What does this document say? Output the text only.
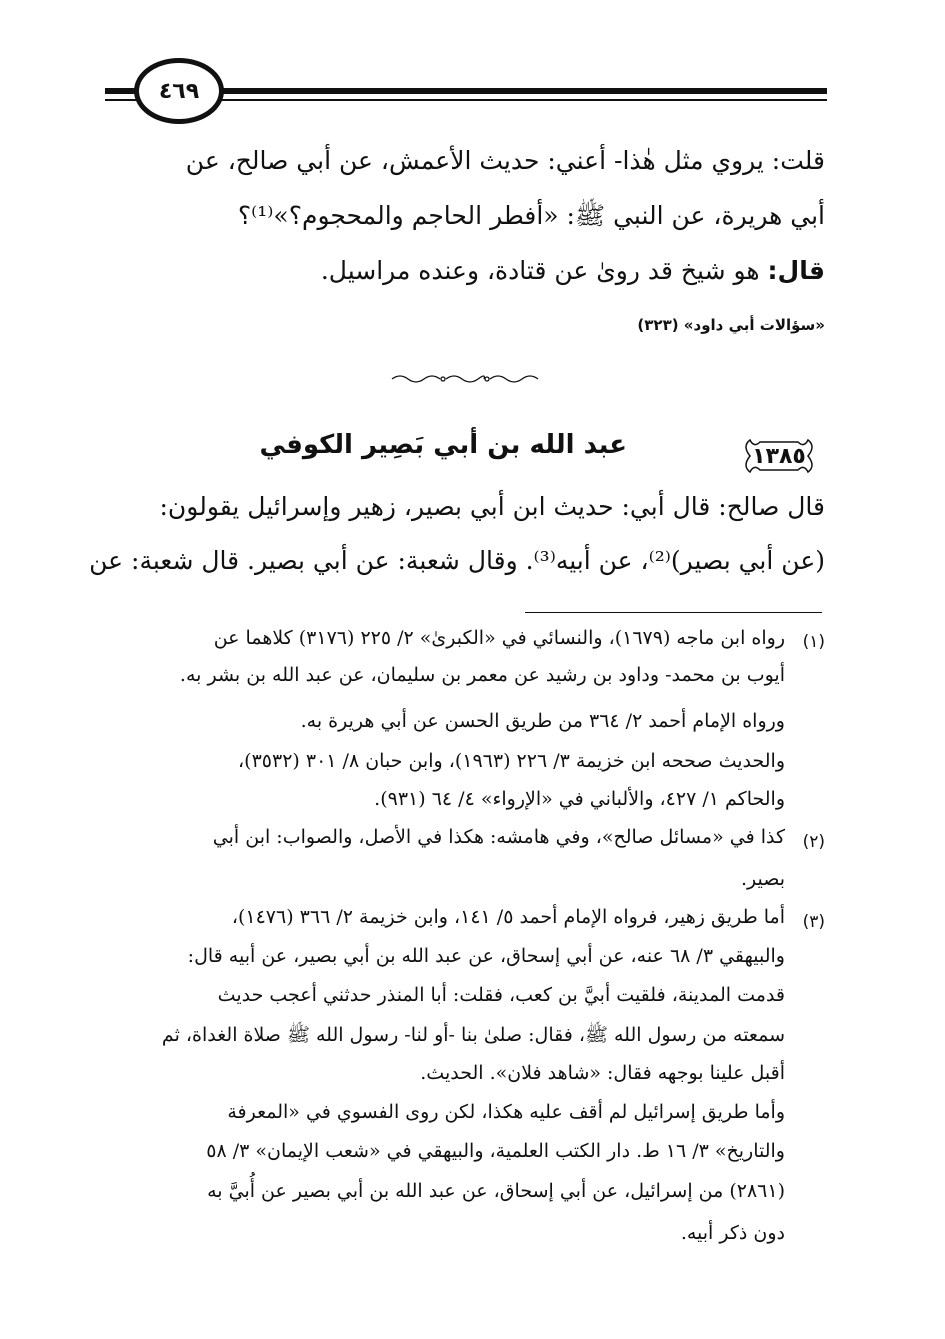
٤٦٩
قلت: يروي مثل هٰذا- أعني: حديث الأعمش، عن أبي صالح، عن
أبي هريرة، عن النبي ﷺ: «أفطر الحاجم والمحجوم؟»⁽¹⁾؟
قال: هو شيخ قد رویٰ عن قتادة، وعنده مراسيل.
«سؤالات أبي داود» (٣٢٣)
١٣٨٥
عبد الله بن أبي بَصِير الكوفي
قال صالح: قال أبي: حديث ابن أبي بصير، زهير وإسرائيل يقولون:
(عن أبي بصير)⁽²⁾، عن أبيه⁽³⁾. وقال شعبة: عن أبي بصير. قال شعبة: عن
(١)
رواه ابن ماجه (١٦٧٩)، والنسائي في «الكبرىٰ» ٢/ ٢٢٥ (٣١٧٦) كلاهما عن
أيوب بن محمد- وداود بن رشيد عن معمر بن سليمان، عن عبد الله بن بشر به.
ورواه الإمام أحمد ٢/ ٣٦٤ من طريق الحسن عن أبي هريرة به.
والحديث صححه ابن خزيمة ٣/ ٢٢٦ (١٩٦٣)، وابن حبان ٨/ ٣٠١ (٣٥٣٢)،
والحاكم ١/ ٤٢٧، والألباني في «الإرواء» ٤/ ٦٤ (٩٣١).
(٢)
كذا في «مسائل صالح»، وفي هامشه: هكذا في الأصل، والصواب: ابن أبي
بصير.
(٣)
أما طريق زهير، فرواه الإمام أحمد ٥/ ١٤١، وابن خزيمة ٢/ ٣٦٦ (١٤٧٦)،
والبيهقي ٣/ ٦٨ عنه، عن أبي إسحاق، عن عبد الله بن أبي بصير، عن أبيه قال:
قدمت المدينة، فلقيت أبيَّ بن كعب، فقلت: أبا المنذر حدثني أعجب حديث
سمعته من رسول الله ﷺ، فقال: صلىٰ بنا -أو لنا- رسول الله ﷺ صلاة الغداة، ثم
أقبل علينا بوجهه فقال: «شاهد فلان». الحديث.
وأما طريق إسرائيل لم أقف عليه هكذا، لكن روى الفسوي في «المعرفة
والتاريخ» ٣/ ١٦ ط. دار الكتب العلمية، والبيهقي في «شعب الإيمان» ٣/ ٥٨
(٢٨٦١) من إسرائيل، عن أبي إسحاق، عن عبد الله بن أبي بصير عن أُبيَّ به
دون ذكر أبيه.
